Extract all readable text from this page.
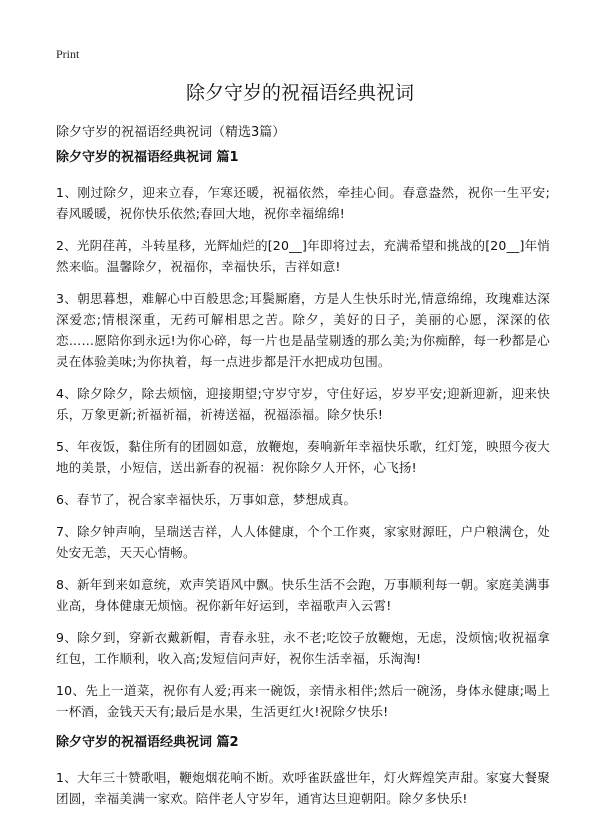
Print
除夕守岁的祝福语经典祝词

除夕守岁的祝福语经典祝词（精选3篇）

除夕守岁的祝福语经典祝词 篇1

1、刚过除夕，迎来立春，乍寒还暖，祝福依然，牵挂心间。春意盎然，祝你一生平安;春风暖暖，祝你快乐依然;春回大地，祝你幸福绵绵!

2、光阴荏苒，斗转星移，光辉灿烂的[20__]年即将过去，充满希望和挑战的[20__]年悄然来临。温馨除夕，祝福你，幸福快乐，吉祥如意!

3、朝思暮想，难解心中百般思念;耳鬓厮磨，方是人生快乐时光,情意绵绵，玫瑰难达深深爱恋;情根深重，无药可解相思之苦。除夕，美好的日子，美丽的心愿，深深的依恋……愿陪你到永远!为你心碎，每一片也是晶莹剔透的那么美;为你痴醉，每一秒都是心灵在体验美味;为你执着，每一点进步都是汗水把成功包围。

4、除夕除夕，除去烦恼，迎接期望;守岁守岁，守住好运，岁岁平安;迎新迎新，迎来快乐，万象更新;祈福祈福，祈祷送福，祝福添福。除夕快乐!

5、年夜饭，黏住所有的团圆如意，放鞭炮，奏响新年幸福快乐歌，红灯笼，映照今夜大地的美景，小短信，送出新春的祝福：祝你除夕人开怀，心飞扬!

6、春节了，祝合家幸福快乐，万事如意，梦想成真。

7、除夕钟声响，呈瑞送吉祥，人人体健康，个个工作爽，家家财源旺，户户粮满仓，处处安无恙，天天心情畅。

8、新年到来如意统，欢声笑语风中飘。快乐生活不会跑，万事顺利每一朝。家庭美满事业高，身体健康无烦恼。祝你新年好运到，幸福歌声入云霄!

9、除夕到，穿新衣戴新帽，青春永驻，永不老;吃饺子放鞭炮，无虑，没烦恼;收祝福拿红包，工作顺利，收入高;发短信问声好，祝你生活幸福，乐淘淘!

10、先上一道菜，祝你有人爱;再来一碗饭，亲情永相伴;然后一碗汤，身体永健康;喝上一杯酒，金钱天天有;最后是水果，生活更红火!祝除夕快乐!

除夕守岁的祝福语经典祝词 篇2

1、大年三十赞歌唱，鞭炮烟花响不断。欢呼雀跃盛世年，灯火辉煌笑声甜。家宴大餐聚团圆，幸福美满一家欢。陪伴老人守岁年，通宵达旦迎朝阳。除夕多快乐!
